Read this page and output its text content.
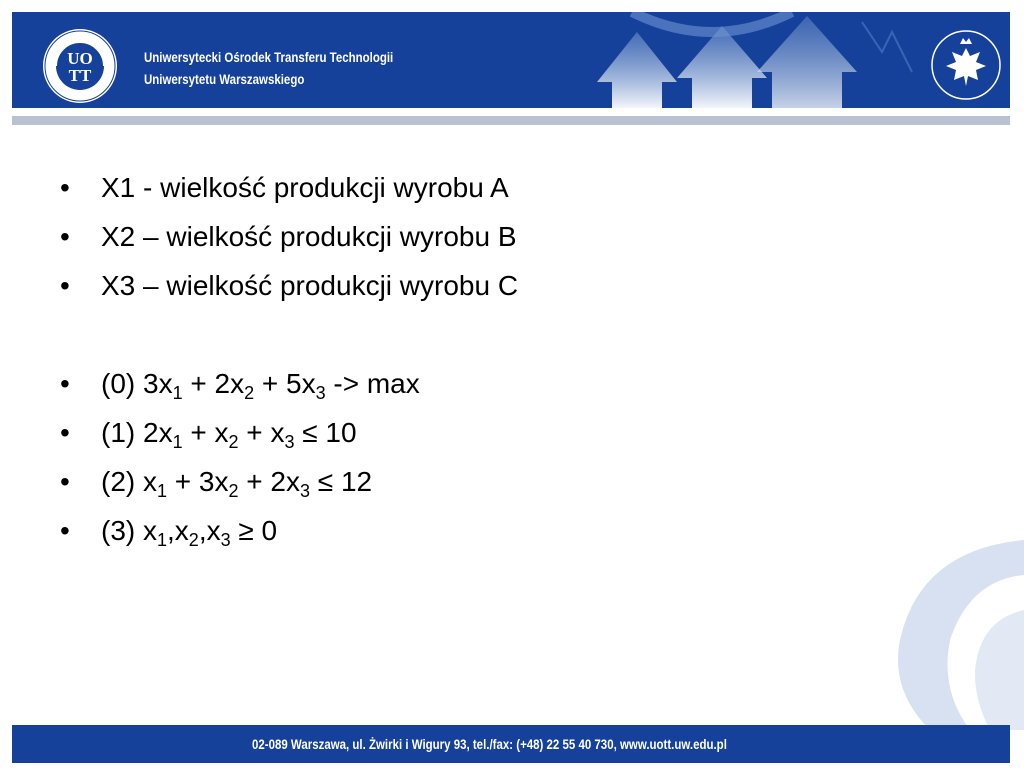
UO
TT
Uniwersytecki Ośrodek Transferu Technologii
Uniwersytetu Warszawskiego
• X1 - wielkość produkcji wyrobu A
• X2 – wielkość produkcji wyrobu B
• X3 – wielkość produkcji wyrobu C
• (0) $3x_1 + 2x_2 + 5x_3 -> \max$
• (1) $2x_1 + x_2 + x_3 \le 10$
• (2) $x_1 + 3x_2 + 2x_3 \le 12$
• (3) $x_1,x_2,x_3 \ge 0$
02-089 Warszawa, ul. Żwirki i Wigury 93, tel./fax: (+48) 22 55 40 730, www.uott.uw.edu.pl
